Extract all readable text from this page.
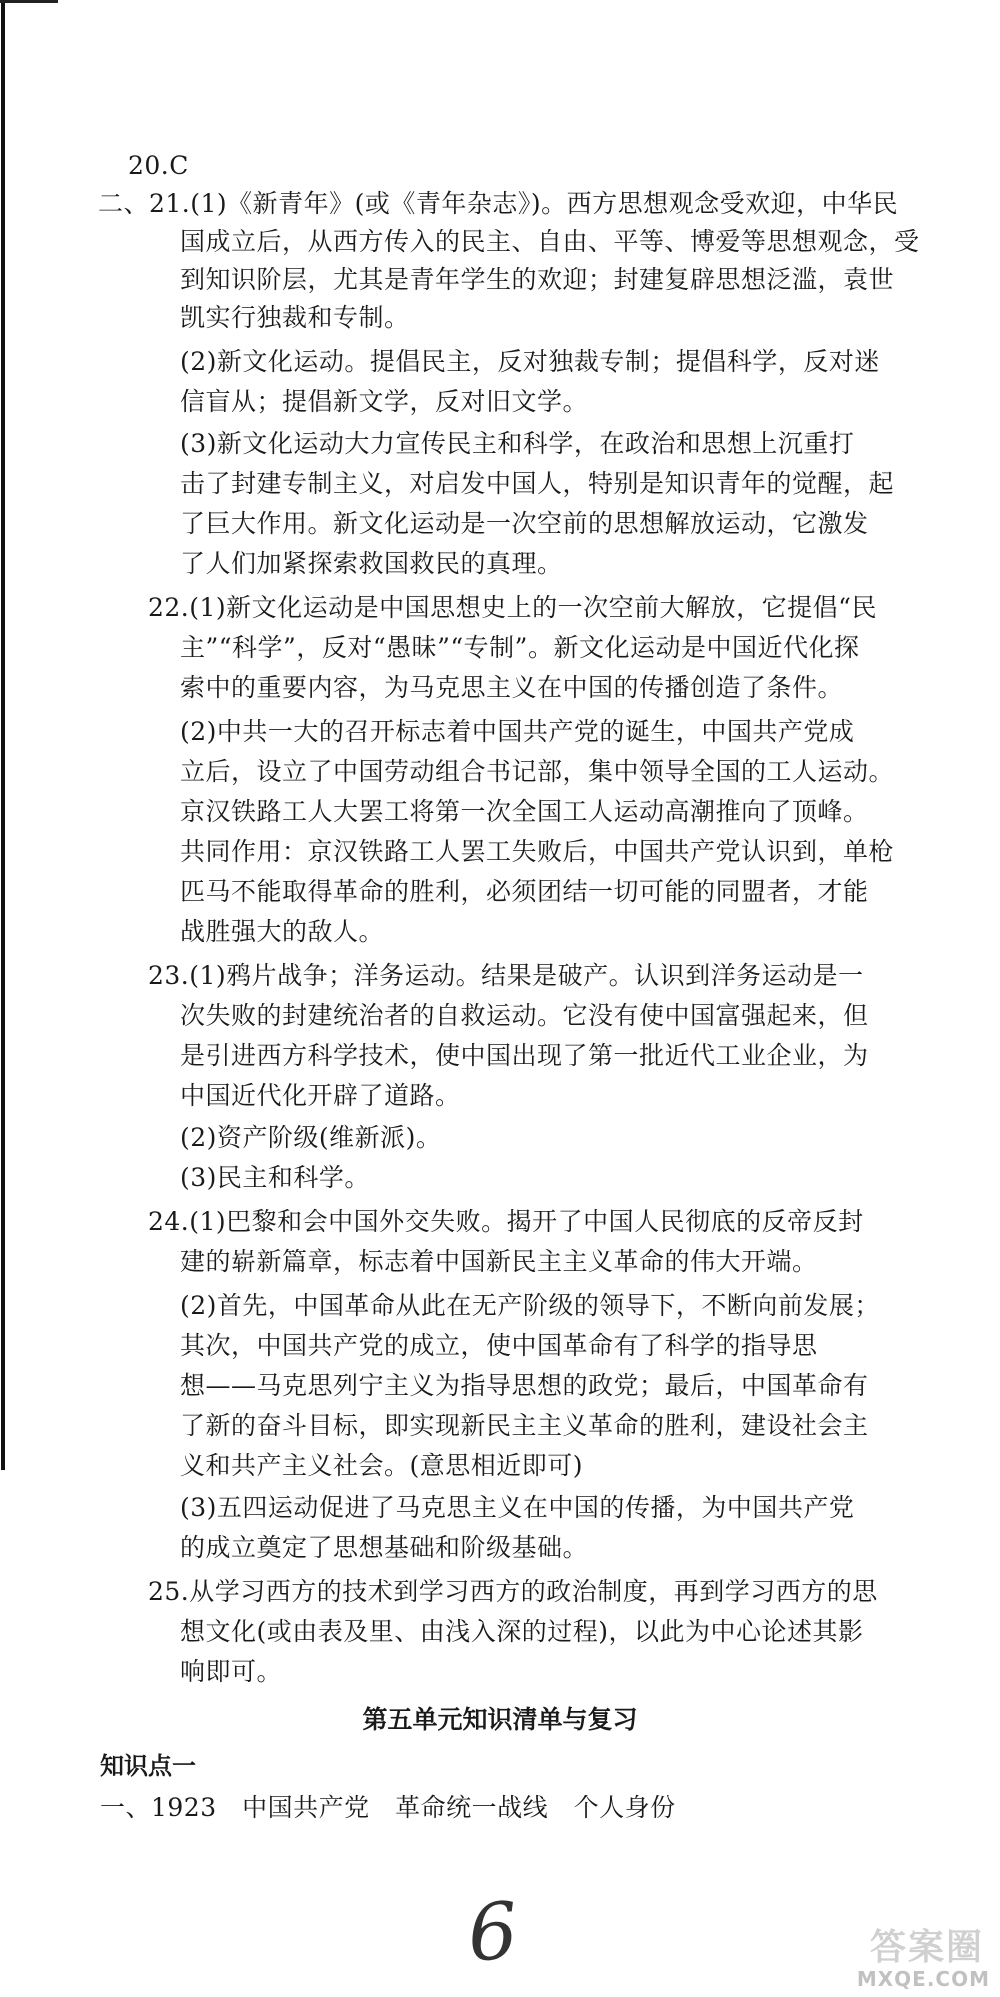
20.C
二、21.(1)《新青年》(或《青年杂志》)。西方思想观念受欢迎，中华民
国成立后，从西方传入的民主、自由、平等、博爱等思想观念，受
到知识阶层，尤其是青年学生的欢迎；封建复辟思想泛滥，袁世
凯实行独裁和专制。
(2)新文化运动。提倡民主，反对独裁专制；提倡科学，反对迷
信盲从；提倡新文学，反对旧文学。
(3)新文化运动大力宣传民主和科学，在政治和思想上沉重打
击了封建专制主义，对启发中国人，特别是知识青年的觉醒，起
了巨大作用。新文化运动是一次空前的思想解放运动，它激发
了人们加紧探索救国救民的真理。
22.(1)新文化运动是中国思想史上的一次空前大解放，它提倡“民
主”“科学”，反对“愚昧”“专制”。新文化运动是中国近代化探
索中的重要内容，为马克思主义在中国的传播创造了条件。
(2)中共一大的召开标志着中国共产党的诞生，中国共产党成
立后，设立了中国劳动组合书记部，集中领导全国的工人运动。
京汉铁路工人大罢工将第一次全国工人运动高潮推向了顶峰。
共同作用：京汉铁路工人罢工失败后，中国共产党认识到，单枪
匹马不能取得革命的胜利，必须团结一切可能的同盟者，才能
战胜强大的敌人。
23.(1)鸦片战争；洋务运动。结果是破产。认识到洋务运动是一
次失败的封建统治者的自救运动。它没有使中国富强起来，但
是引进西方科学技术，使中国出现了第一批近代工业企业，为
中国近代化开辟了道路。
(2)资产阶级(维新派)。
(3)民主和科学。
24.(1)巴黎和会中国外交失败。揭开了中国人民彻底的反帝反封
建的崭新篇章，标志着中国新民主主义革命的伟大开端。
(2)首先，中国革命从此在无产阶级的领导下，不断向前发展；
其次，中国共产党的成立，使中国革命有了科学的指导思
想——马克思列宁主义为指导思想的政党；最后，中国革命有
了新的奋斗目标，即实现新民主主义革命的胜利，建设社会主
义和共产主义社会。(意思相近即可)
(3)五四运动促进了马克思主义在中国的传播，为中国共产党
的成立奠定了思想基础和阶级基础。
25.从学习西方的技术到学习西方的政治制度，再到学习西方的思
想文化(或由表及里、由浅入深的过程)，以此为中心论述其影
响即可。
第五单元知识清单与复习
知识点一
一、1923　中国共产党　革命统一战线　个人身份
6	答案圈
MXQE.COM
